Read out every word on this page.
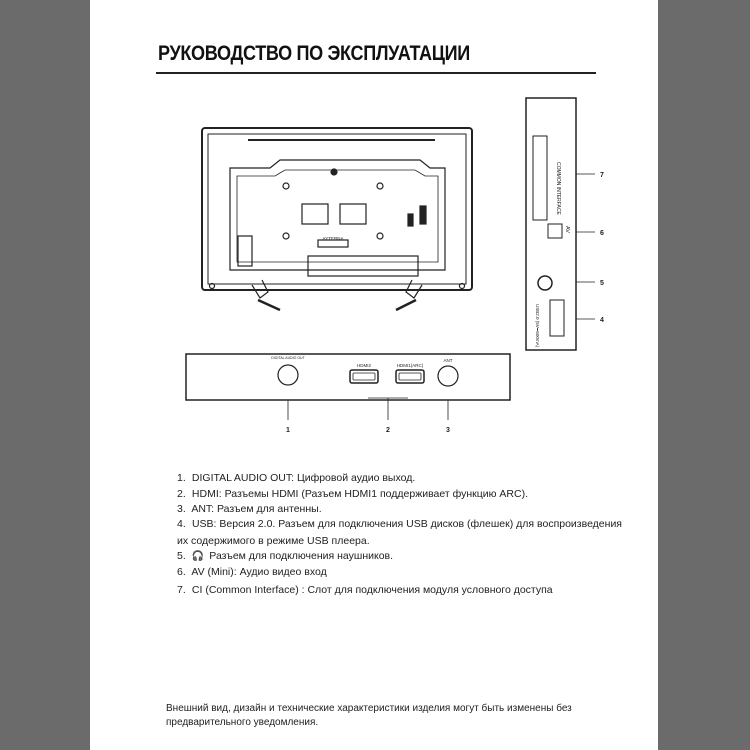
РУКОВОДСТВО ПО ЭКСПЛУАТАЦИИ
AYTERNA
COMMON INTERFACE
AV
USB2.0 (5V⎓500mA)
7
6
5
4
DIGITAL AUDIO OUT
HDMI2	HDMI1(ARC)
ANT
1	2	3
1. DIGITAL AUDIO OUT: Цифровой аудио выход.
2. HDMI: Разъемы HDMI (Разъем HDMI1 поддерживает функцию ARC).
3. ANT: Разъем для антенны.
4. USB: Версия 2.0. Разъем для подключения USB дисков (флешек) для воспроизведения их содержимого в режиме USB плеера.
5. 🎧 Разъем для подключения наушников.
6. AV (Mini): Аудио видео вход
7. CI (Common Interface) : Слот для подключения модуля условного доступа
Внешний вид, дизайн и технические характеристики изделия могут быть изменены без предварительного уведомления.
